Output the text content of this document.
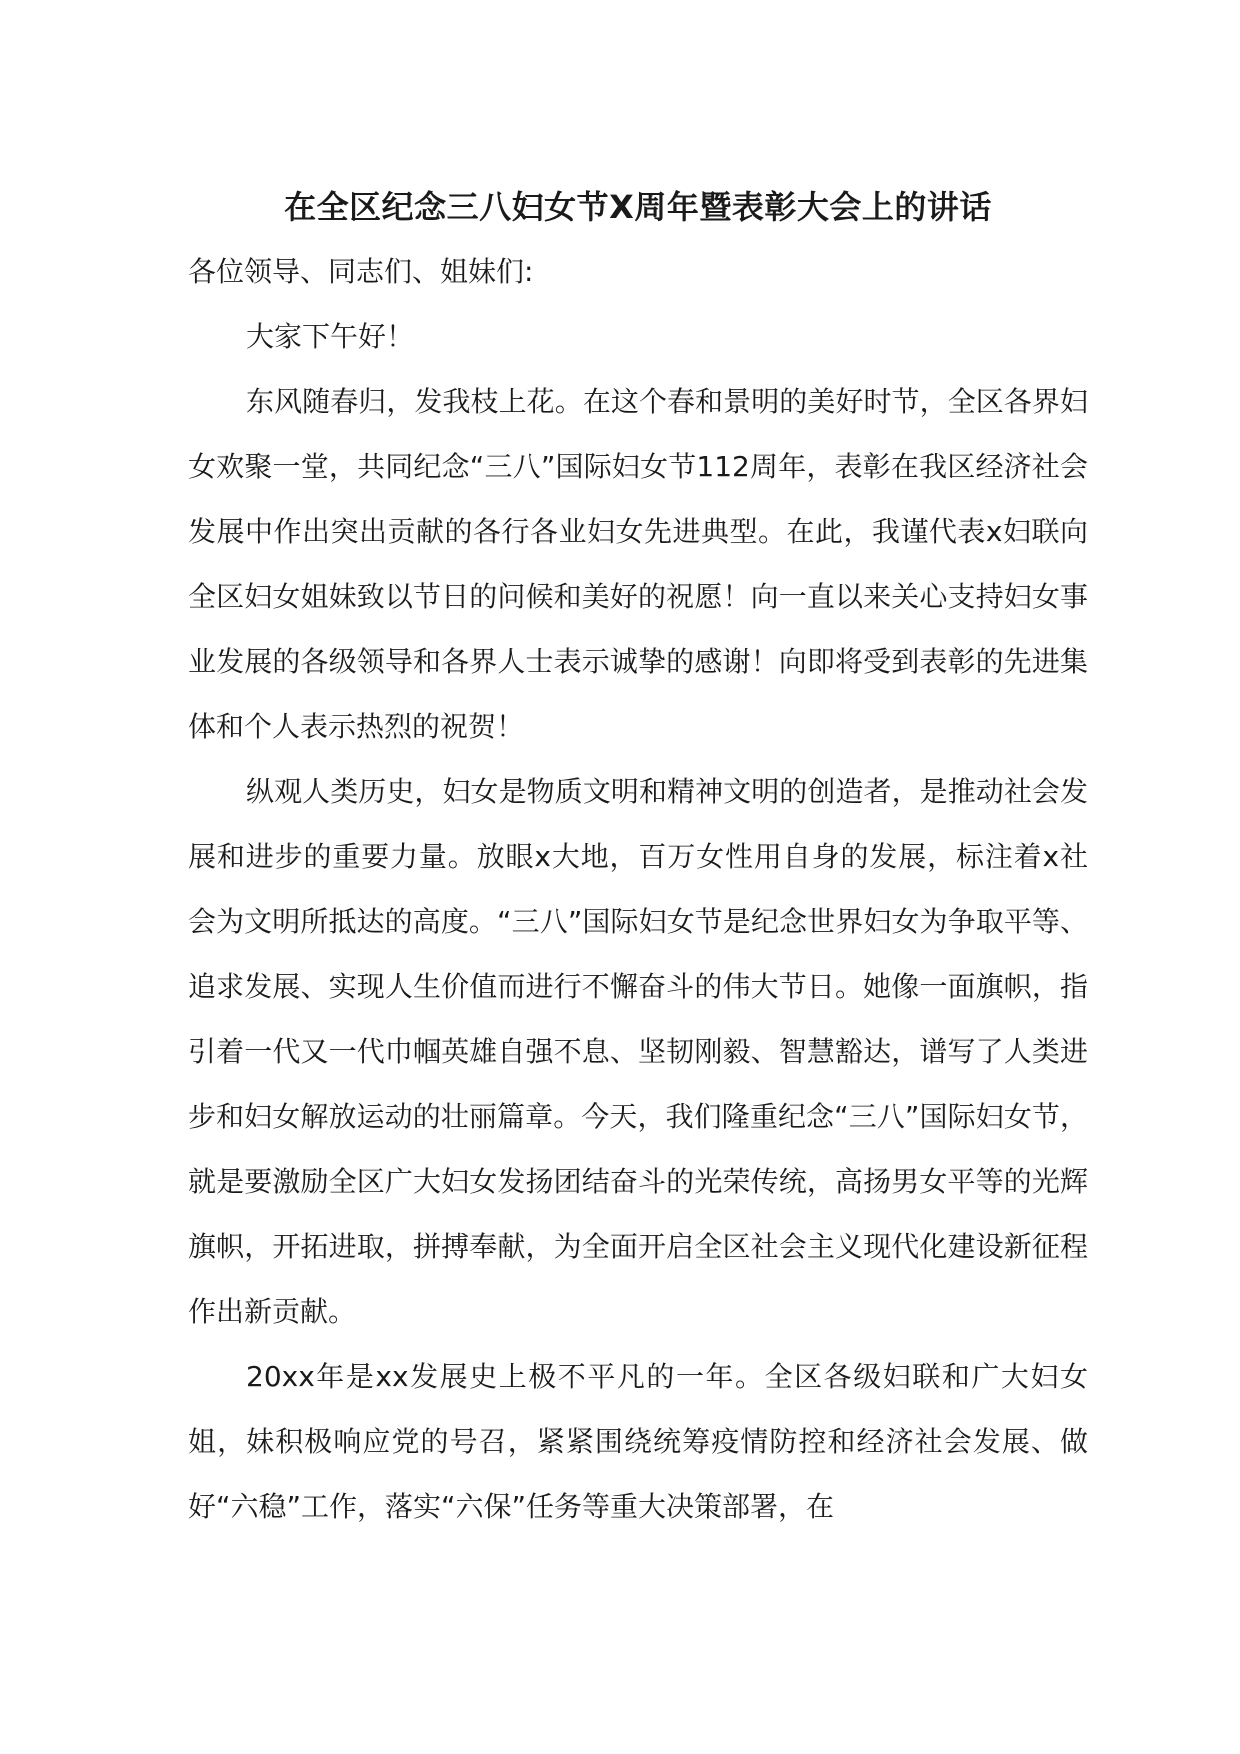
在全区纪念三八妇女节X周年暨表彰大会上的讲话

各位领导、同志们、姐妹们:

大家下午好！

东风随春归，发我枝上花。在这个春和景明的美好时节，全区各界妇女欢聚一堂，共同纪念“三八”国际妇女节112周年，表彰在我区经济社会发展中作出突出贡献的各行各业妇女先进典型。在此，我谨代表x妇联向全区妇女姐妹致以节日的问候和美好的祝愿！向一直以来关心支持妇女事业发展的各级领导和各界人士表示诚挚的感谢！向即将受到表彰的先进集体和个人表示热烈的祝贺！

纵观人类历史，妇女是物质文明和精神文明的创造者，是推动社会发展和进步的重要力量。放眼x大地，百万女性用自身的发展，标注着x社会为文明所抵达的高度。“三八”国际妇女节是纪念世界妇女为争取平等、追求发展、实现人生价值而进行不懈奋斗的伟大节日。她像一面旗帜，指引着一代又一代巾帼英雄自强不息、坚韧刚毅、智慧豁达，谱写了人类进步和妇女解放运动的壮丽篇章。今天，我们隆重纪念“三八”国际妇女节，就是要激励全区广大妇女发扬团结奋斗的光荣传统，高扬男女平等的光辉旗帜，开拓进取，拼搏奉献，为全面开启全区社会主义现代化建设新征程作出新贡献。

20xx年是xx发展史上极不平凡的一年。全区各级妇联和广大妇女姐，妹积极响应党的号召，紧紧围绕统筹疫情防控和经济社会发展、做好“六稳”工作，落实“六保”任务等重大决策部署，在
